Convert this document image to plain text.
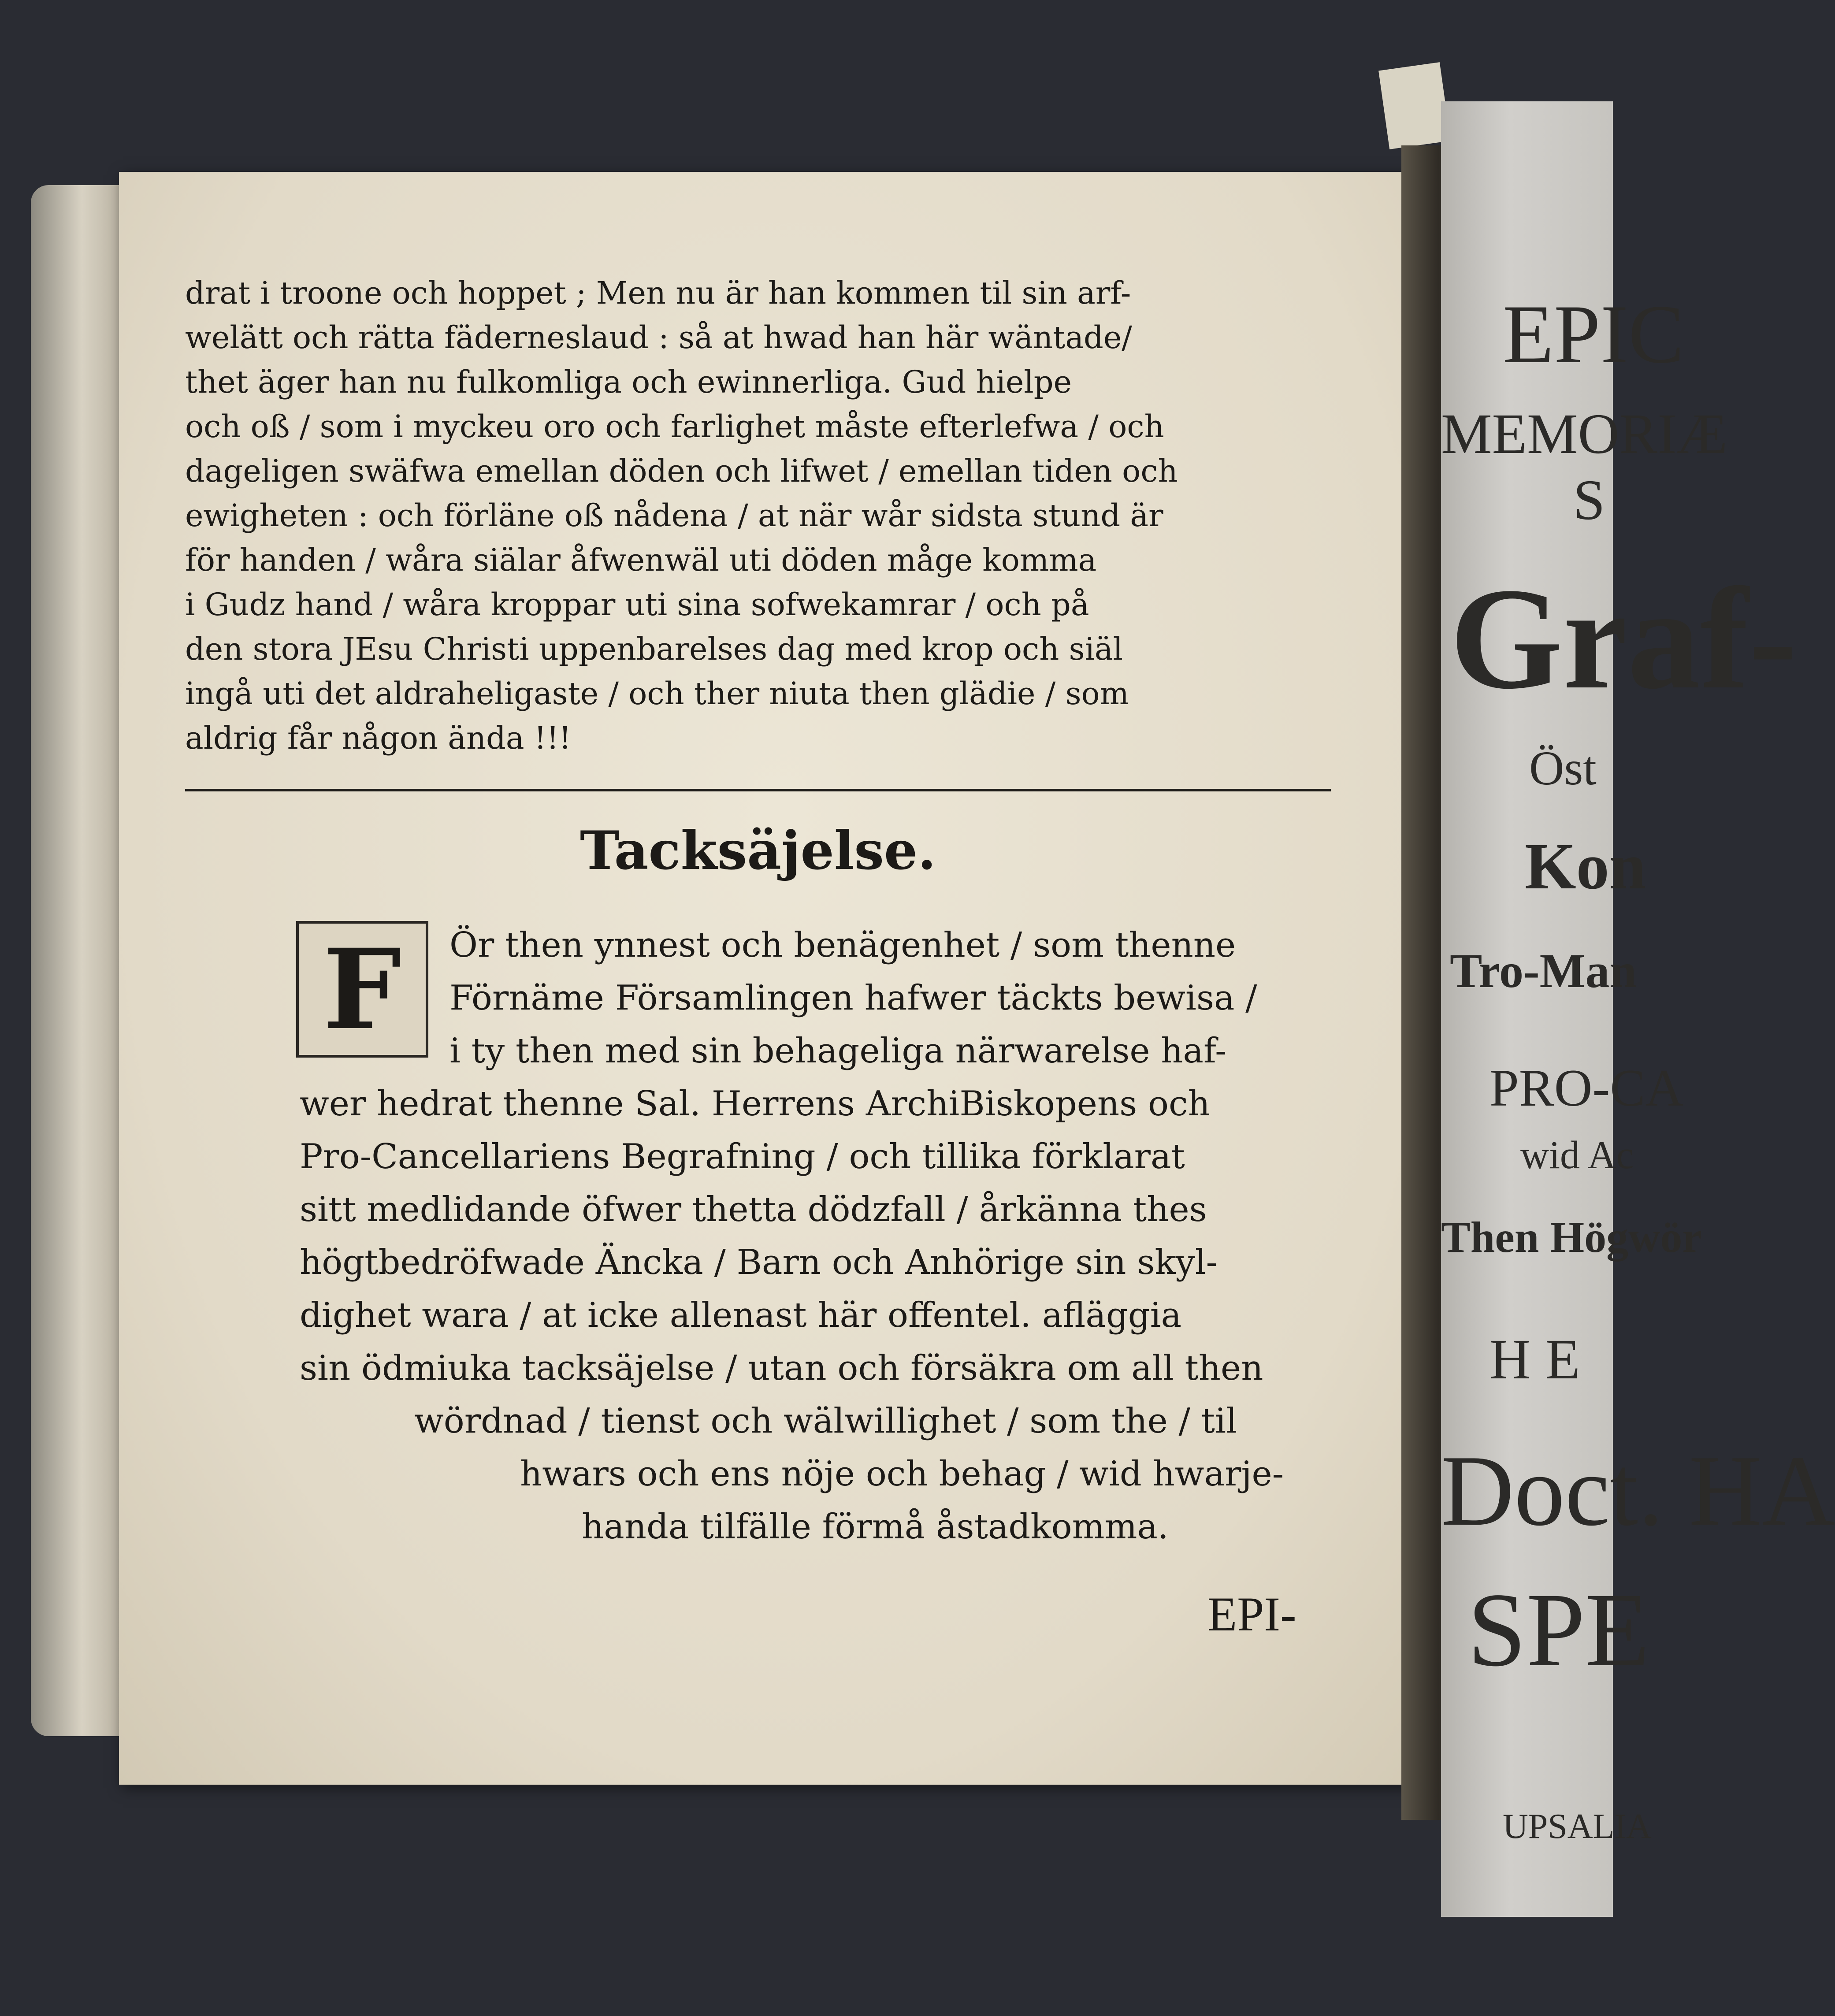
drat i troone och hoppet ; Men nu är han kommen til sin arf-
welätt och rätta fäderneslaud : så at hwad han här wäntade/
thet äger han nu fulkomliga och ewinnerliga. Gud hielpe
och oß / som i myckeu oro och farlighet måste efterlefwa / och
dageligen swäfwa emellan döden och lifwet / emellan tiden och
ewigheten : och förläne oß nådena / at när wår sidsta stund är
för handen / wåra siälar åfwenwäl uti döden måge komma
i Gudz hand / wåra kroppar uti sina sofwekamrar / och på
den stora JEsu Christi uppenbarelses dag med krop och siäl
ingå uti det aldraheligaste / och ther niuta then glädie / som
aldrig får någon ända !!!
Tacksäjelse.
F	Ör then ynnest och benägenhet / som thenne
Förnäme Församlingen hafwer täckts bewisa /
i ty then med sin behageliga närwarelse haf-
wer hedrat thenne Sal. Herrens ArchiBiskopens och
Pro-Cancellariens Begrafning / och tillika förklarat
sitt medlidande öfwer thetta dödzfall / årkänna thes
högtbedröfwade Äncka / Barn och Anhörige sin skyl-
dighet wara / at icke allenast här offentel. afläggia
sin ödmiuka tacksäjelse / utan och försäkra om all then
wördnad / tienst och wälwillighet / som the / til
hwars och ens nöje och behag / wid hwarje-
handa tilfälle förmå åstadkomma.
EPI-
EPIC
MEMORIÆ
S
Graf-
Öst
Kon
Tro-Man
PRO-CA
wid Ac
Then Högwör
H E
Doct. HA
SPE
UPSALIA
